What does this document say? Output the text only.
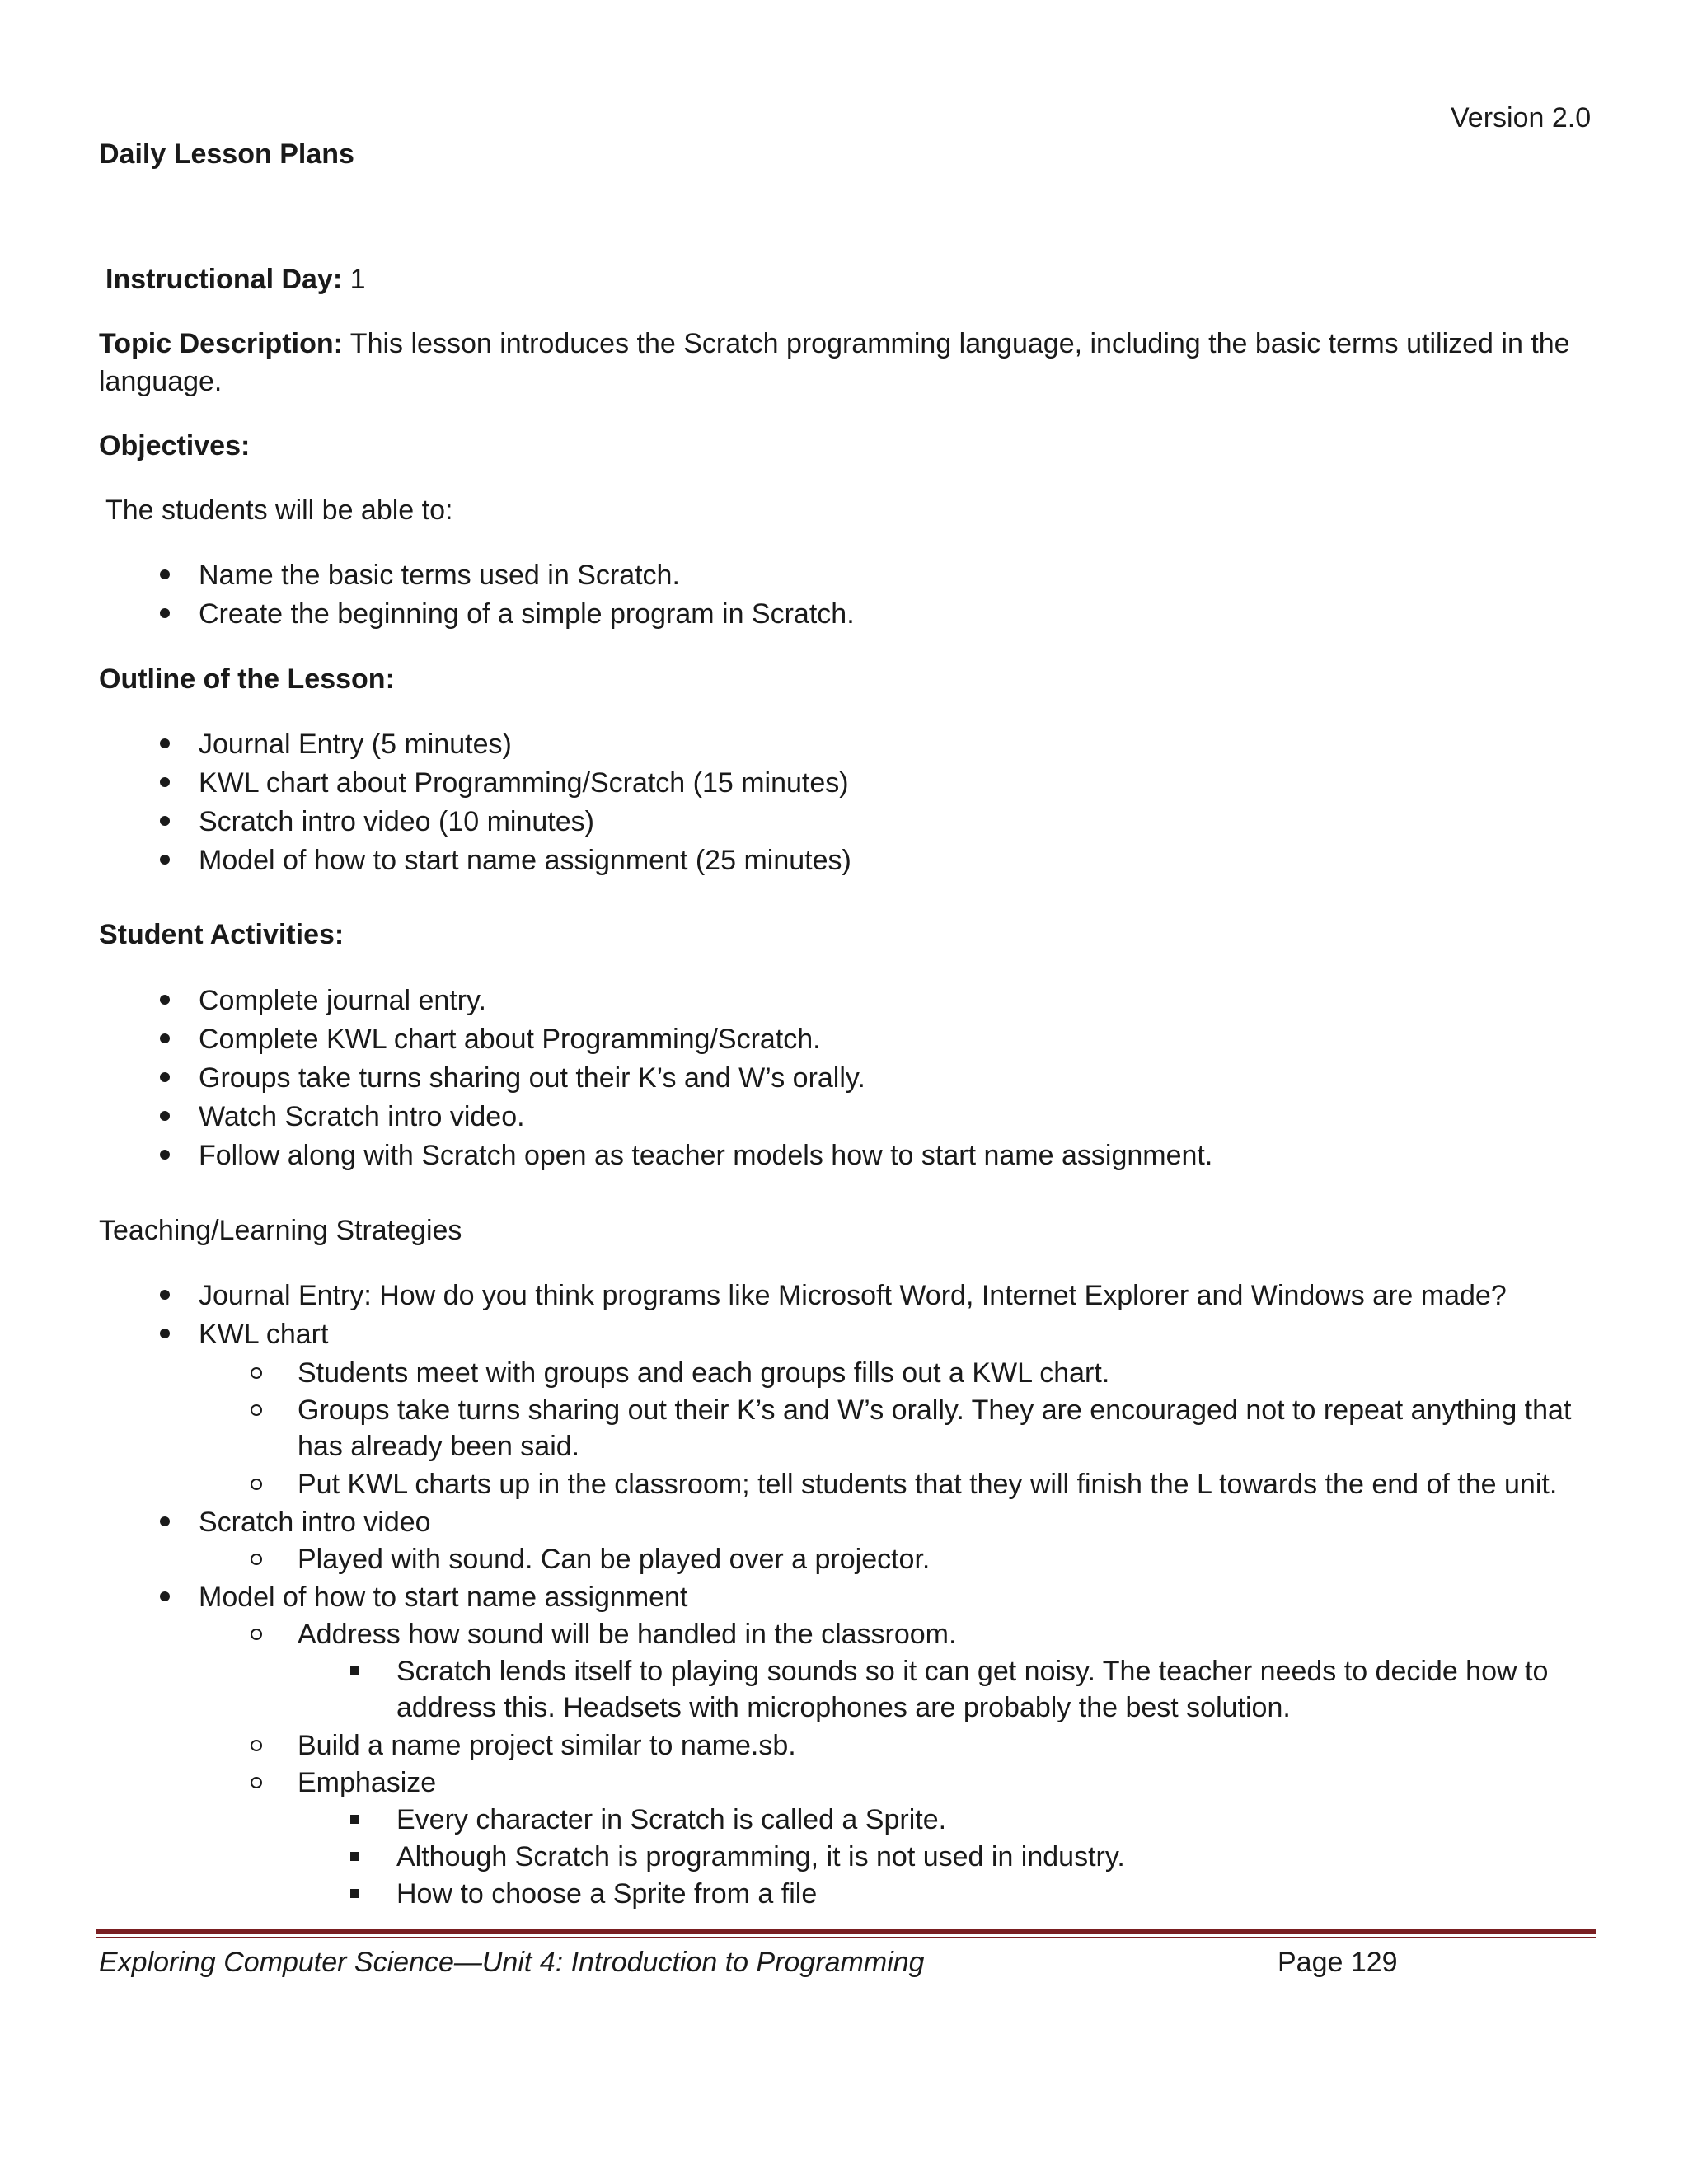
Version 2.0
Daily Lesson Plans
Instructional Day: 1
Topic Description: This lesson introduces the Scratch programming language, including the basic terms utilized in the
language.
Objectives:
The students will be able to:
Name the basic terms used in Scratch.
Create the beginning of a simple program in Scratch.
Outline of the Lesson:
Journal Entry (5 minutes)
KWL chart about Programming/Scratch (15 minutes)
Scratch intro video (10 minutes)
Model of how to start name assignment (25 minutes)
Student Activities:
Complete journal entry.
Complete KWL chart about Programming/Scratch.
Groups take turns sharing out their K’s and W’s orally.
Watch Scratch intro video.
Follow along with Scratch open as teacher models how to start name assignment.
Teaching/Learning Strategies
Journal Entry: How do you think programs like Microsoft Word, Internet Explorer and Windows are made?
KWL chart
Students meet with groups and each groups fills out a KWL chart.
Groups take turns sharing out their K’s and W’s orally. They are encouraged not to repeat anything that
has already been said.
Put KWL charts up in the classroom; tell students that they will finish the L towards the end of the unit.
Scratch intro video
Played with sound. Can be played over a projector.
Model of how to start name assignment
Address how sound will be handled in the classroom.
Scratch lends itself to playing sounds so it can get noisy. The teacher needs to decide how to
address this. Headsets with microphones are probably the best solution.
Build a name project similar to name.sb.
Emphasize
Every character in Scratch is called a Sprite.
Although Scratch is programming, it is not used in industry.
How to choose a Sprite from a file
Exploring Computer Science—Unit 4: Introduction to Programming	Page 129
